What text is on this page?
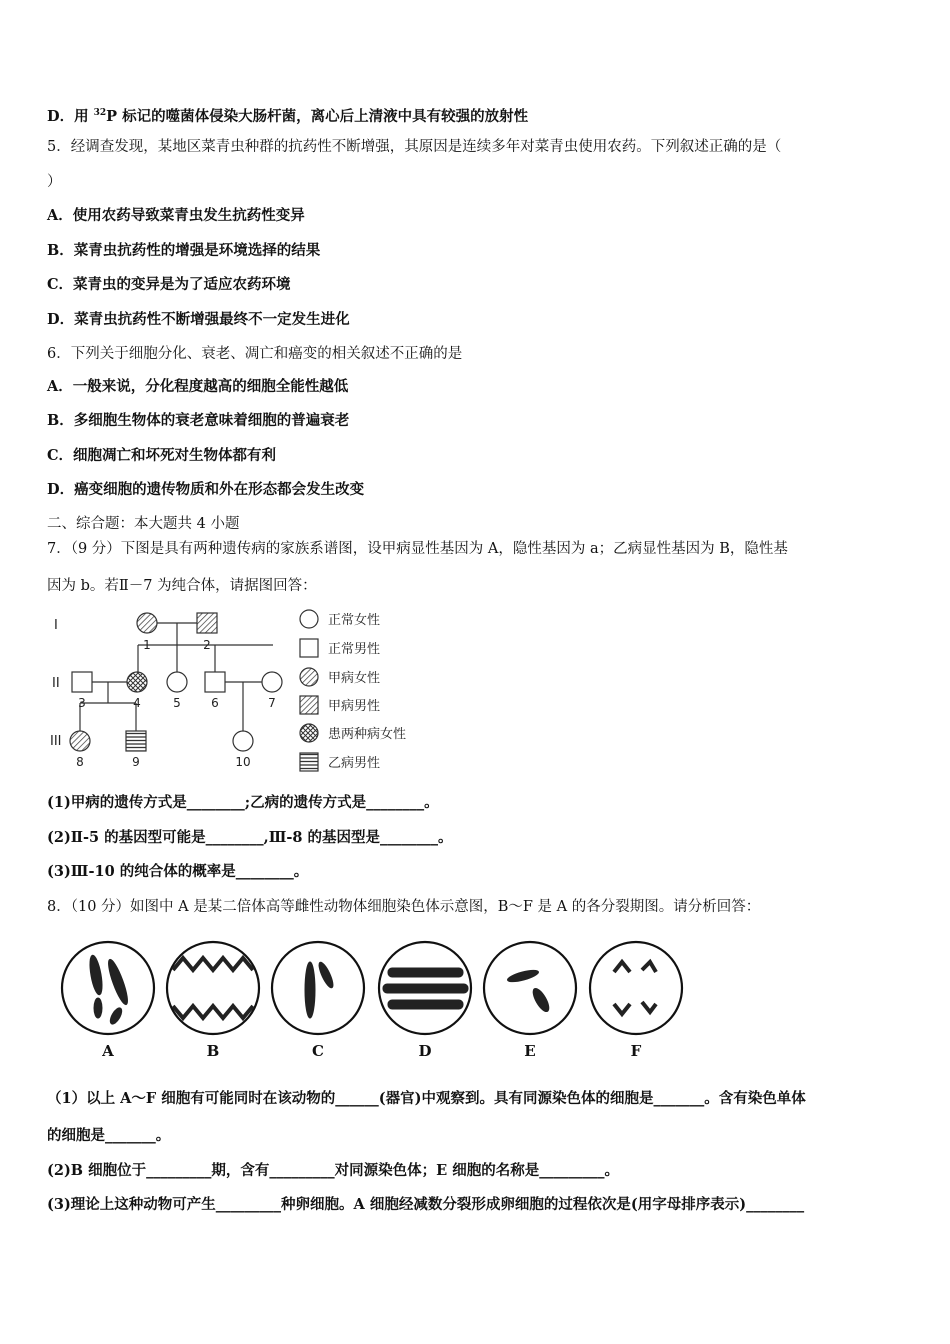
D．用 $^{32}$P 标记的噬菌体侵染大肠杆菌，离心后上清液中具有较强的放射性
5．经调查发现，某地区菜青虫种群的抗药性不断增强，其原因是连续多年对菜青虫使用农药。下列叙述正确的是（
）
A．使用农药导致菜青虫发生抗药性变异
B．菜青虫抗药性的增强是环境选择的结果
C．菜青虫的变异是为了适应农药环境
D．菜青虫抗药性不断增强最终不一定发生进化
6．下列关于细胞分化、衰老、凋亡和癌变的相关叙述不正确的是
A．一般来说，分化程度越高的细胞全能性越低
B．多细胞生物体的衰老意味着细胞的普遍衰老
C．细胞凋亡和坏死对生物体都有利
D．癌变细胞的遗传物质和外在形态都会发生改变
二、综合题：本大题共 4 小题
7．（9 分）下图是具有两种遗传病的家族系谱图，设甲病显性基因为 A，隐性基因为 a；乙病显性基因为 B，隐性基
因为 b。若Ⅱ－7 为纯合体，请据图回答：
I
II
III
1	2
3	4	5	6	7
8	9	10
正常女性
正常男性
甲病女性
甲病男性
患两种病女性
乙病男性
(1)甲病的遗传方式是________;乙病的遗传方式是________。
(2)Ⅱ-5 的基因型可能是________,Ⅲ-8 的基因型是________。
(3)Ⅲ-10 的纯合体的概率是________。
8．（10 分）如图中 A 是某二倍体高等雌性动物体细胞染色体示意图，B～F 是 A 的各分裂期图。请分析回答：
A	B	C	D	E	F
（1）以上 A～F 细胞有可能同时在该动物的______(器官)中观察到。具有同源染色体的细胞是_______。含有染色单体
的细胞是_______。
(2)B 细胞位于_________期，含有_________对同源染色体；E 细胞的名称是_________。
(3)理论上这种动物可产生_________种卵细胞。A 细胞经减数分裂形成卵细胞的过程依次是(用字母排序表示)________
